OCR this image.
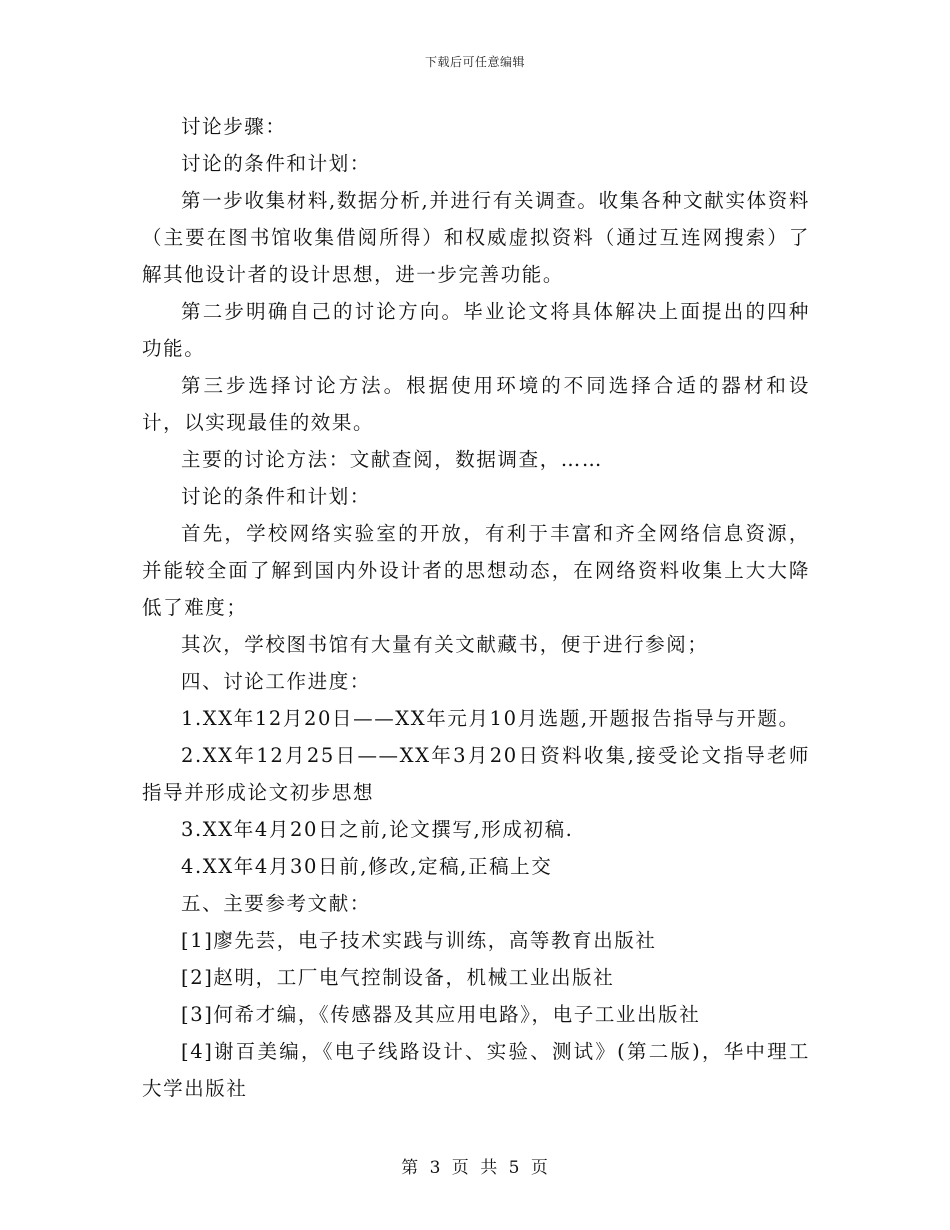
下载后可任意编辑

讨论步骤：

讨论的条件和计划：

第一步收集材料,数据分析,并进行有关调查。收集各种文献实体资料（主要在图书馆收集借阅所得）和权威虚拟资料（通过互连网搜索）了解其他设计者的设计思想，进一步完善功能。

第二步明确自己的讨论方向。毕业论文将具体解决上面提出的四种功能。

第三步选择讨论方法。根据使用环境的不同选择合适的器材和设计，以实现最佳的效果。

主要的讨论方法：文献查阅，数据调查，……

讨论的条件和计划：

首先，学校网络实验室的开放，有利于丰富和齐全网络信息资源，并能较全面了解到国内外设计者的思想动态，在网络资料收集上大大降低了难度；

其次，学校图书馆有大量有关文献藏书，便于进行参阅；

四、讨论工作进度：

1.XX年12月20日——XX年元月10月选题,开题报告指导与开题。

2.XX年12月25日——XX年3月20日资料收集,接受论文指导老师指导并形成论文初步思想

3.XX年4月20日之前,论文撰写,形成初稿.

4.XX年4月30日前,修改,定稿,正稿上交

五、主要参考文献：

[1]廖先芸，电子技术实践与训练，高等教育出版社

[2]赵明，工厂电气控制设备，机械工业出版社

[3]何希才编，《传感器及其应用电路》，电子工业出版社

[4]谢百美编，《电子线路设计、实验、测试》(第二版)，华中理工大学出版社

第 3 页 共 5 页
